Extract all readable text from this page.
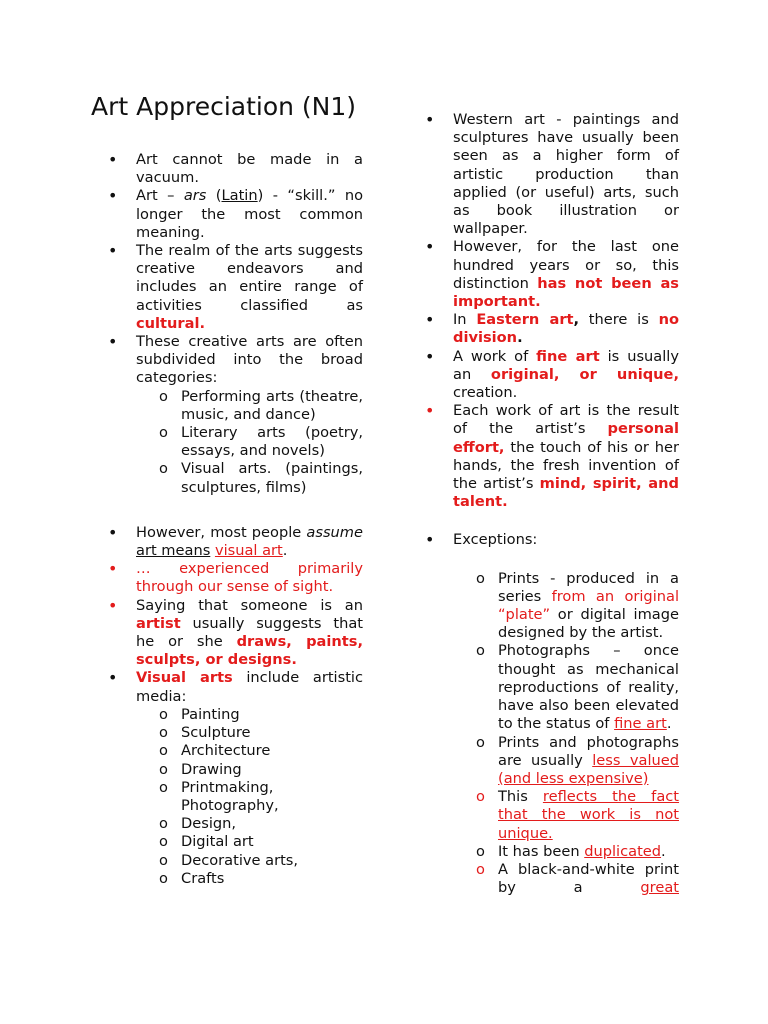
Art Appreciation (N1)
• Art cannot be made in a vacuum.
• Art – ars (Latin) - “skill.” no longer the most common meaning.
• The realm of the arts suggests creative endeavors and includes an entire range of activities classified as cultural.
• These creative arts are often subdivided into the broad categories:
o Performing arts (theatre, music, and dance)
o Literary arts (poetry, essays, and novels)
o Visual arts. (paintings, sculptures, films)
• However, most people assume art means visual art.
• … experienced primarily through our sense of sight.
• Saying that someone is an artist usually suggests that he or she draws, paints, sculpts, or designs.
• Visual arts include artistic media:
o Painting
o Sculpture
o Architecture
o Drawing
o Printmaking, Photography,
o Design,
o Digital art
o Decorative arts,
o Crafts
• Western art - paintings and sculptures have usually been seen as a higher form of artistic production than applied (or useful) arts, such as book illustration or wallpaper.
• However, for the last one hundred years or so, this distinction has not been as important.
• In Eastern art, there is no division.
• A work of fine art is usually an original, or unique, creation.
• Each work of art is the result of the artist’s personal effort, the touch of his or her hands, the fresh invention of the artist’s mind, spirit, and talent.
• Exceptions:
o Prints - produced in a series from an original “plate” or digital image designed by the artist.
o Photographs – once thought as mechanical reproductions of reality, have also been elevated to the status of fine art.
o Prints and photographs are usually less valued (and less expensive)
o This reflects the fact that the work is not unique.
o It has been duplicated.
o A black-and-white print by a great
